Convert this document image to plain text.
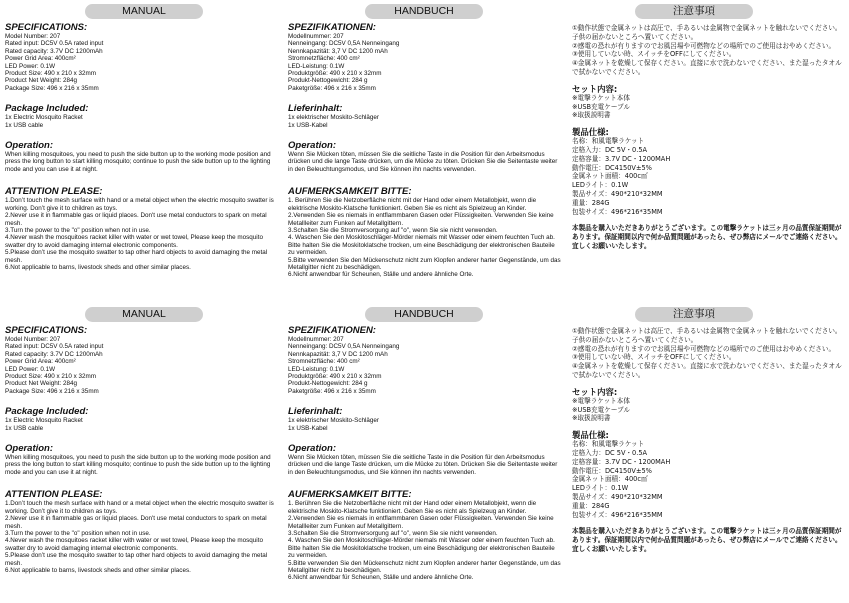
MANUAL
SPECIFICATIONS:
Model Number: 207
Rated input: DC5V 0.5A rated input
Rated capacity: 3.7V DC 1200mAh
Power Grid Area: 400cm²
LED Power: 0.1W
Product Size: 490 x 210 x 32mm
Product Net Weight: 284g
Package Size: 496 x 216 x 35mm
Package Included:
1x Electric Mosquito Racket
1x USB cable
Operation:
When killing mosquitoes, you need to push the side button up to the working mode position and press the long button to start killing mosquito; continue to push the side button up to the lighting mode and you can use it at night.
ATTENTION PLEASE:
1.Don’t touch the mesh surface with hand or a metal object when the electric mosquito swatter is working. Don’t give it to children as toys.
2.Never use it in flammable gas or liquid places. Don't use metal conductors to spark on metal mesh.
3.Turn the power to the "o" position when not in use.
4.Never wash the mosquitoes racket killer with water or wet towel, Please keep the mosquito swatter dry to avoid damaging internal electronic components.
5.Please don’t use the mosquito swatter to tap other hard objects to avoid damaging the metal mesh.
6.Not applicable to barns, livestock sheds and other similar places.
HANDBUCH
SPEZIFIKATIONEN:
Modellnummer: 207
Nenneingang: DC5V 0,5A Nenneingang
Nennkapazität: 3,7 V DC 1200 mAh
Stromnetzfläche: 400 cm²
LED-Leistung: 0.1W
Produktgröße: 490 x 210 x 32mm
Produkt-Nettogewicht: 284 g
Paketgröße: 496 x 216 x 35mm
Lieferinhalt:
1x elektrischer Moskito-Schläger
1x USB-Kabel
Operation:
Wenn Sie Mücken töten, müssen Sie die seitliche Taste in die Position für den Arbeitsmodus drücken und die lange Taste drücken, um die Mücke zu töten. Drücken Sie die Seitentaste weiter in den Beleuchtungsmodus, und Sie können ihn nachts verwenden.
AUFMERKSAMKEIT BITTE:
1. Berühren Sie die Netzoberfläche nicht mit der Hand oder einem Metallobjekt, wenn die elektrische Moskito-Klatsche funktioniert. Geben Sie es nicht als Spielzeug an Kinder.
2.Verwenden Sie es niemals in entflammbaren Gasen oder Flüssigkeiten. Verwenden Sie keine Metallleiter zum Funken auf Metallgittern.
3.Schalten Sie die Stromversorgung auf "o", wenn Sie sie nicht verwenden.
4. Waschen Sie den Moskitoschläger-Mörder niemals mit Wasser oder einem feuchten Tuch ab. Bitte halten Sie die Moskitoklatsche trocken, um eine Beschädigung der elektronischen Bauteile zu vermeiden.
5.Bitte verwenden Sie den Mückenschutz nicht zum Klopfen anderer harter Gegenstände, um das Metallgitter nicht zu beschädigen.
6.Nicht anwendbar für Scheunen, Ställe und andere ähnliche Orte.
注意事項
①動作状態で金属ネットは高圧で、手あるいは金属物で金属ネットを触れないでください。子供の届かないところへ置いてください。
②感電の恐れが有りますのでお風呂場や可燃物などの場所でのご使用はおやめください。
③使用していない時、スイッチをOFFにしてください。
④金属ネットを乾燥して保存ください。直接に水で洗わないでください、また湿ったタオルで拭かないでください。
セット内容:
※電撃ラケット本体
※USB充電ケーブル
※取扱説明書
製品仕様:
名称：和風電撃ラケット
定格入力：DC 5V・0.5A
定格容量：3.7V DC・1200MAH
動作電圧：DC4150V±5%
金属ネット面積：400c㎡
LEDライト：0.1W
製品サイズ：490*210*32MM
重量：284G
包装サイズ：496*216*35MM
本製品を購入いただきありがとうございます。この電撃ラケットは三ヶ月の品質保証期間があります。保証期間以内で何か品質問題があったら、ぜひ弊店にメールでご連絡ください。宜しくお願いいたします。
MANUAL
SPECIFICATIONS:
Model Number: 207
Rated input: DC5V 0.5A rated input
Rated capacity: 3.7V DC 1200mAh
Power Grid Area: 400cm²
LED Power: 0.1W
Product Size: 490 x 210 x 32mm
Product Net Weight: 284g
Package Size: 496 x 216 x 35mm
Package Included:
1x Electric Mosquito Racket
1x USB cable
Operation:
When killing mosquitoes, you need to push the side button up to the working mode position and press the long button to start killing mosquito; continue to push the side button up to the lighting mode and you can use it at night.
ATTENTION PLEASE:
1.Don’t touch the mesh surface with hand or a metal object when the electric mosquito swatter is working. Don’t give it to children as toys.
2.Never use it in flammable gas or liquid places. Don't use metal conductors to spark on metal mesh.
3.Turn the power to the "o" position when not in use.
4.Never wash the mosquitoes racket killer with water or wet towel, Please keep the mosquito swatter dry to avoid damaging internal electronic components.
5.Please don’t use the mosquito swatter to tap other hard objects to avoid damaging the metal mesh.
6.Not applicable to barns, livestock sheds and other similar places.
HANDBUCH
SPEZIFIKATIONEN:
Modellnummer: 207
Nenneingang: DC5V 0,5A Nenneingang
Nennkapazität: 3,7 V DC 1200 mAh
Stromnetzfläche: 400 cm²
LED-Leistung: 0.1W
Produktgröße: 490 x 210 x 32mm
Produkt-Nettogewicht: 284 g
Paketgröße: 496 x 216 x 35mm
Lieferinhalt:
1x elektrischer Moskito-Schläger
1x USB-Kabel
Operation:
Wenn Sie Mücken töten, müssen Sie die seitliche Taste in die Position für den Arbeitsmodus drücken und die lange Taste drücken, um die Mücke zu töten. Drücken Sie die Seitentaste weiter in den Beleuchtungsmodus, und Sie können ihn nachts verwenden.
AUFMERKSAMKEIT BITTE:
1. Berühren Sie die Netzoberfläche nicht mit der Hand oder einem Metallobjekt, wenn die elektrische Moskito-Klatsche funktioniert. Geben Sie es nicht als Spielzeug an Kinder.
2.Verwenden Sie es niemals in entflammbaren Gasen oder Flüssigkeiten. Verwenden Sie keine Metallleiter zum Funken auf Metallgittern.
3.Schalten Sie die Stromversorgung auf "o", wenn Sie sie nicht verwenden.
4. Waschen Sie den Moskitoschläger-Mörder niemals mit Wasser oder einem feuchten Tuch ab. Bitte halten Sie die Moskitoklatsche trocken, um eine Beschädigung der elektronischen Bauteile zu vermeiden.
5.Bitte verwenden Sie den Mückenschutz nicht zum Klopfen anderer harter Gegenstände, um das Metallgitter nicht zu beschädigen.
6.Nicht anwendbar für Scheunen, Ställe und andere ähnliche Orte.
注意事項
①動作状態で金属ネットは高圧で、手あるいは金属物で金属ネットを触れないでください。子供の届かないところへ置いてください。
②感電の恐れが有りますのでお風呂場や可燃物などの場所でのご使用はおやめください。
③使用していない時、スイッチをOFFにしてください。
④金属ネットを乾燥して保存ください。直接に水で洗わないでください、また湿ったタオルで拭かないでください。
セット内容:
※電撃ラケット本体
※USB充電ケーブル
※取扱説明書
製品仕様:
名称：和風電撃ラケット
定格入力：DC 5V・0.5A
定格容量：3.7V DC・1200MAH
動作電圧：DC4150V±5%
金属ネット面積：400c㎡
LEDライト：0.1W
製品サイズ：490*210*32MM
重量：284G
包装サイズ：496*216*35MM
本製品を購入いただきありがとうございます。この電撃ラケットは三ヶ月の品質保証期間があります。保証期間以内で何か品質問題があったら、ぜひ弊店にメールでご連絡ください。宜しくお願いいたします。
